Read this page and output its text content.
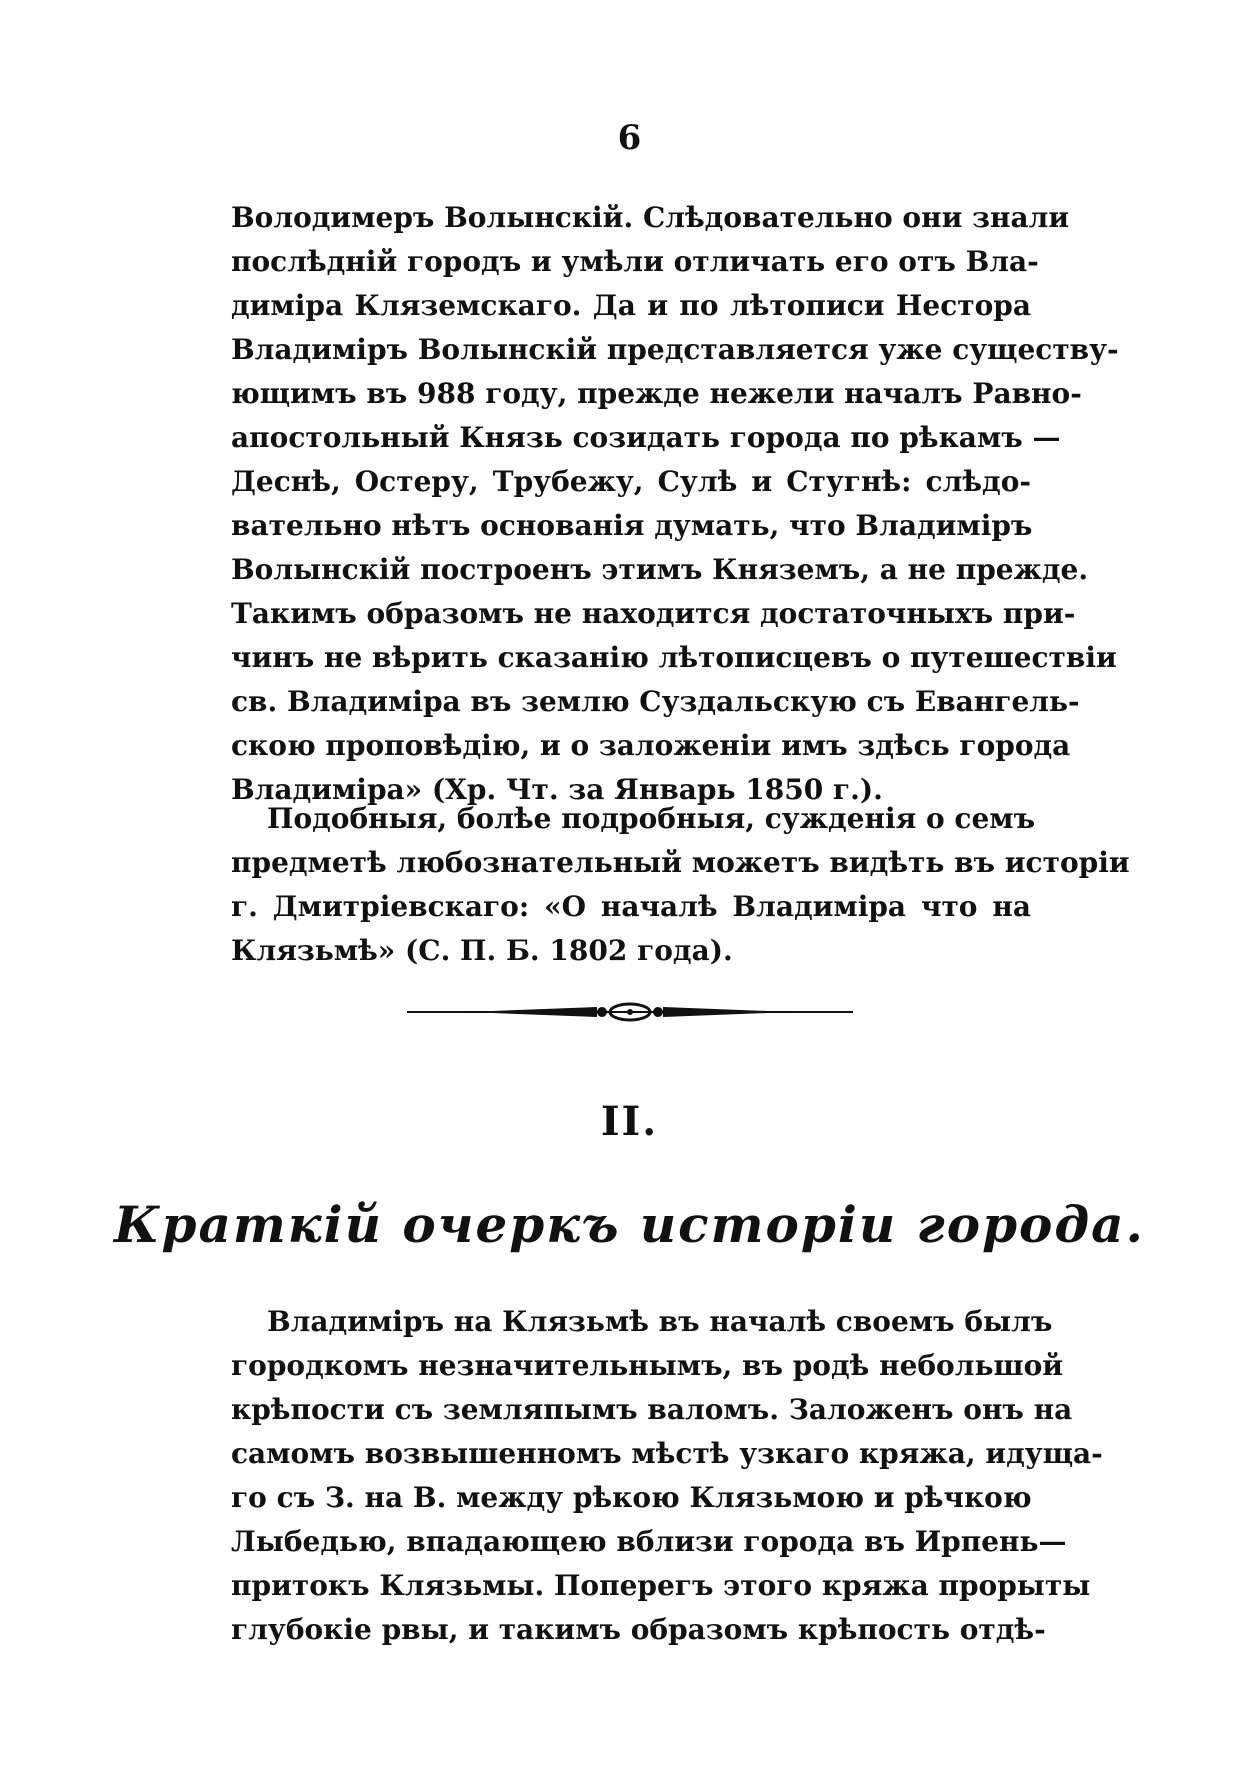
6
Володимеръ Волынскій. Слѣдовательно они знали
послѣдній городъ и умѣли отличать его отъ Вла-
диміра Кляземскаго. Да и по лѣтописи Нестора
Владиміръ Волынскій представляется уже существу-
ющимъ въ 988 году, прежде нежели началъ Равно-
апостольный Князь созидать города по рѣкамъ —
Деснѣ, Остеру, Трубежу, Сулѣ и Стугнѣ: слѣдо-
вательно нѣтъ основанія думать, что Владиміръ
Волынскій построенъ этимъ Княземъ, а не прежде.
Такимъ образомъ не находится достаточныхъ при-
чинъ не вѣрить сказанію лѣтописцевъ о путешествіи
св. Владиміра въ землю Суздальскую съ Евангель-
скою проповѣдію, и о заложеніи имъ здѣсь города
Владиміра» (Хр. Чт. за Январь 1850 г.).
Подобныя, болѣе подробныя, сужденія о семъ
предметѣ любознательный можетъ видѣть въ исторіи
г. Дмитріевскаго: «О началѣ Владиміра что на
Клязьмѣ» (С. П. Б. 1802 года).
II.
Краткій очеркъ исторіи города.
Владиміръ на Клязьмѣ въ началѣ своемъ былъ
городкомъ незначительнымъ, въ родѣ небольшой
крѣпости съ земляпымъ валомъ. Заложенъ онъ на
самомъ возвышенномъ мѣстѣ узкаго кряжа, идуща-
го съ З. на В. между рѣкою Клязьмою и рѣчкою
Лыбедью, впадающею вблизи города въ Ирпень—
притокъ Клязьмы. Поперегъ этого кряжа прорыты
глубокіе рвы, и такимъ образомъ крѣпость отдѣ-
